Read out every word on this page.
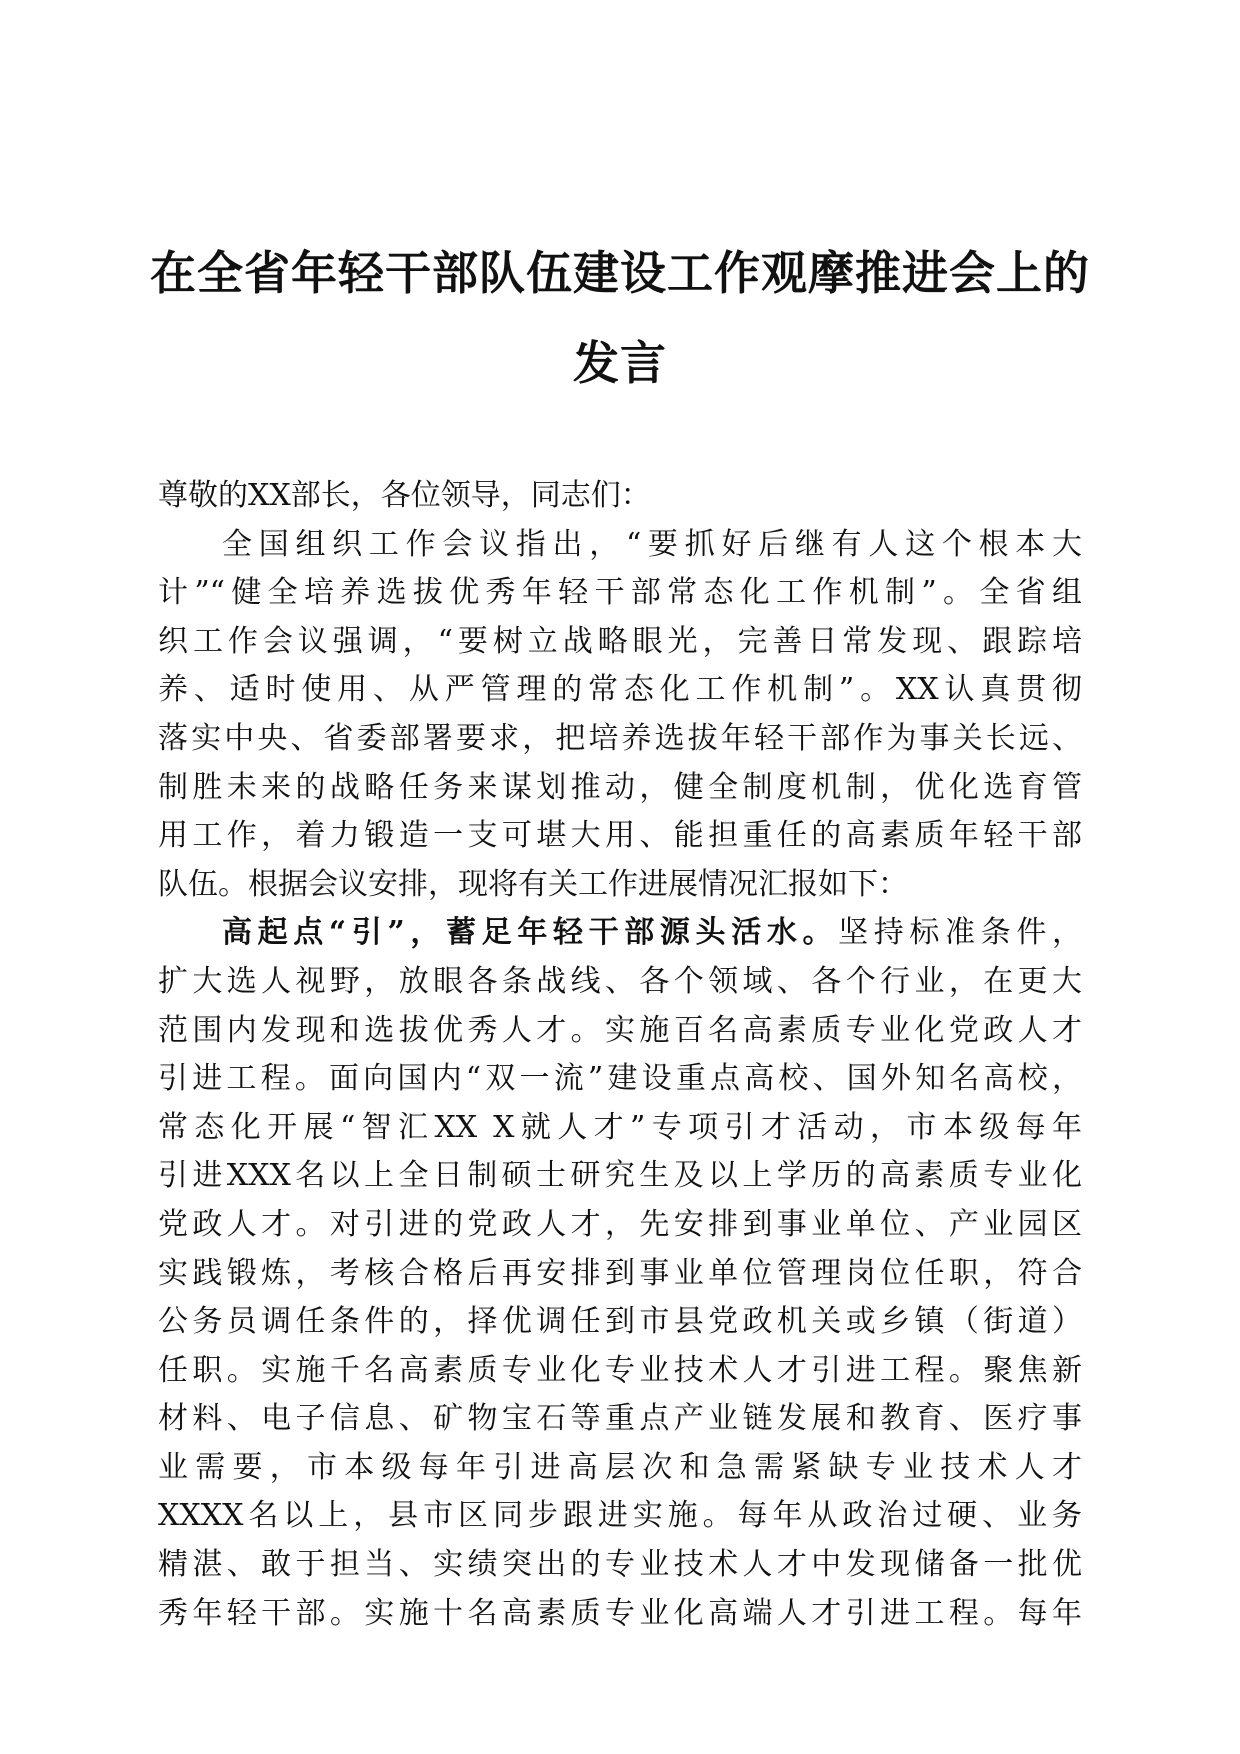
在全省年轻干部队伍建设工作观摩推进会上的
发言
尊敬的XX部长，各位领导，同志们：
全国组织工作会议指出，“要抓好后继有人这个根本大
计”“健全培养选拔优秀年轻干部常态化工作机制”。全省组
织工作会议强调，“要树立战略眼光，完善日常发现、跟踪培
养、适时使用、从严管理的常态化工作机制”。XX认真贯彻
落实中央、省委部署要求，把培养选拔年轻干部作为事关长远、
制胜未来的战略任务来谋划推动，健全制度机制，优化选育管
用工作，着力锻造一支可堪大用、能担重任的高素质年轻干部
队伍。根据会议安排，现将有关工作进展情况汇报如下：
高起点“引”，蓄足年轻干部源头活水。坚持标准条件，
扩大选人视野，放眼各条战线、各个领域、各个行业，在更大
范围内发现和选拔优秀人才。实施百名高素质专业化党政人才
引进工程。面向国内“双一流”建设重点高校、国外知名高校，
常态化开展“智汇XX X就人才”专项引才活动，市本级每年
引进XXX名以上全日制硕士研究生及以上学历的高素质专业化
党政人才。对引进的党政人才，先安排到事业单位、产业园区
实践锻炼，考核合格后再安排到事业单位管理岗位任职，符合
公务员调任条件的，择优调任到市县党政机关或乡镇（街道）
任职。实施千名高素质专业化专业技术人才引进工程。聚焦新
材料、电子信息、矿物宝石等重点产业链发展和教育、医疗事
业需要，市本级每年引进高层次和急需紧缺专业技术人才
XXXX名以上，县市区同步跟进实施。每年从政治过硬、业务
精湛、敢于担当、实绩突出的专业技术人才中发现储备一批优
秀年轻干部。实施十名高素质专业化高端人才引进工程。每年
